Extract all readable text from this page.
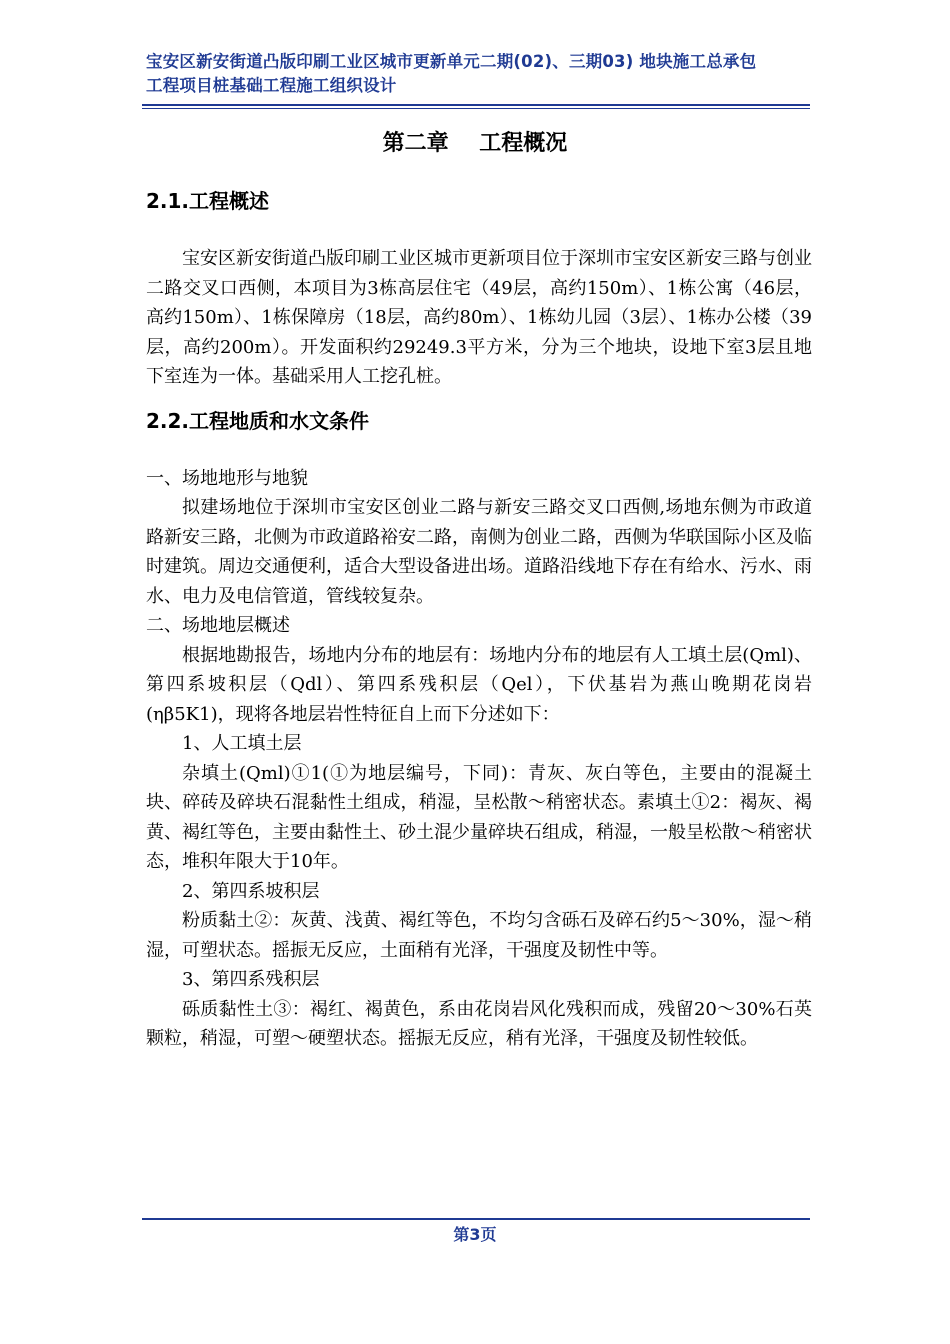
宝安区新安街道凸版印刷工业区城市更新单元二期(02)、三期03) 地块施工总承包
工程项目桩基础工程施工组织设计
第二章    工程概况
2.1.工程概述

宝安区新安街道凸版印刷工业区城市更新项目位于深圳市宝安区新安三路与创业二路交叉口西侧，本项目为3栋高层住宅（49层，高约150m）、1栋公寓（46层，高约150m）、1栋保障房（18层，高约80m）、1栋幼儿园（3层）、1栋办公楼（39层，高约200m）。开发面积约29249.3平方米，分为三个地块，设地下室3层且地下室连为一体。基础采用人工挖孔桩。

2.2.工程地质和水文条件

一、场地地形与地貌

拟建场地位于深圳市宝安区创业二路与新安三路交叉口西侧,场地东侧为市政道路新安三路，北侧为市政道路裕安二路，南侧为创业二路，西侧为华联国际小区及临时建筑。周边交通便利，适合大型设备进出场。道路沿线地下存在有给水、污水、雨水、电力及电信管道，管线较复杂。

二、场地地层概述

根据地勘报告，场地内分布的地层有：场地内分布的地层有人工填土层(Qml)、第四系坡积层（Qdl）、第四系残积层（Qel），下伏基岩为燕山晚期花岗岩(ηβ5K1)，现将各地层岩性特征自上而下分述如下：

1、人工填土层

杂填土(Qml)①1(①为地层编号，下同)：青灰、灰白等色，主要由的混凝土块、碎砖及碎块石混黏性土组成，稍湿，呈松散～稍密状态。素填土①2：褐灰、褐黄、褐红等色，主要由黏性土、砂土混少量碎块石组成，稍湿，一般呈松散～稍密状态，堆积年限大于10年。

2、第四系坡积层

粉质黏土②：灰黄、浅黄、褐红等色，不均匀含砾石及碎石约5～30%，湿～稍湿，可塑状态。摇振无反应，土面稍有光泽，干强度及韧性中等。

3、第四系残积层

砾质黏性土③：褐红、褐黄色，系由花岗岩风化残积而成，残留20～30%石英颗粒，稍湿，可塑～硬塑状态。摇振无反应，稍有光泽，干强度及韧性较低。

第3页
